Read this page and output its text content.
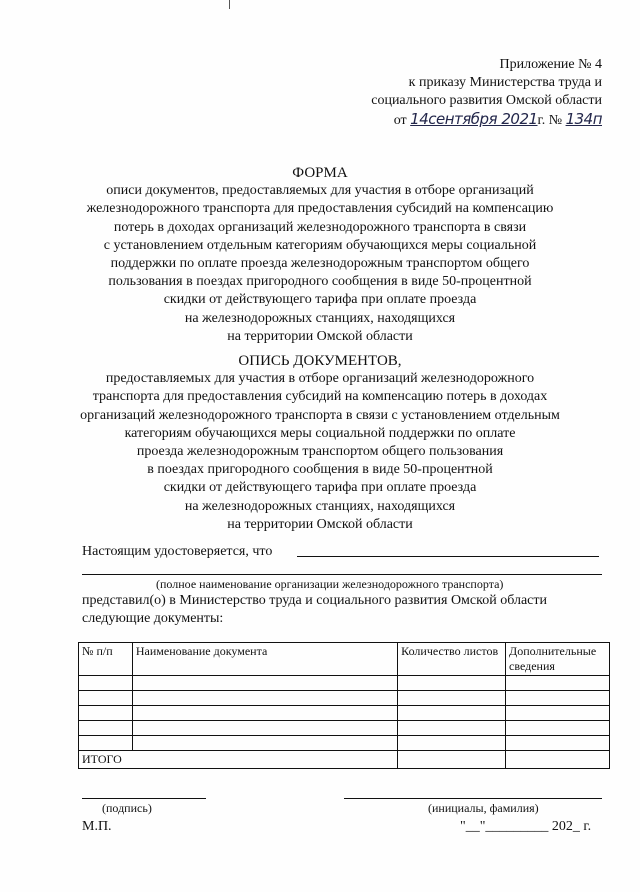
Приложение № 4
к приказу Министерства труда и
социального развития Омской области
от 14сентября 2021г. № 134п
ФОРМА
описи документов, предоставляемых для участия в отборе организаций
железнодорожного транспорта для предоставления субсидий на компенсацию
потерь в доходах организаций железнодорожного транспорта в связи
с установлением отдельным категориям обучающихся меры социальной
поддержки по оплате проезда железнодорожным транспортом общего
пользования в поездах пригородного сообщения в виде 50-процентной
скидки от действующего тарифа при оплате проезда
на железнодорожных станциях, находящихся
на территории Омской области
ОПИСЬ ДОКУМЕНТОВ,
предоставляемых для участия в отборе организаций железнодорожного
транспорта для предоставления субсидий на компенсацию потерь в доходах
организаций железнодорожного транспорта в связи с установлением отдельным
категориям обучающихся меры социальной поддержки по оплате
проезда железнодорожным транспортом общего пользования
в поездах пригородного сообщения в виде 50-процентной
скидки от действующего тарифа при оплате проезда
на железнодорожных станциях, находящихся
на территории Омской области
Настоящим удостоверяется, что
(полное наименование организации железнодорожного транспорта)
представил(о) в Министерство труда и социального развития Омской области
следующие документы:
№ п/п	Наименование документа	Количество листов	Дополнительные сведения

ИТОГО			
(подпись)	(инициалы, фамилия)
М.П.	"__"_________ 202_ г.
